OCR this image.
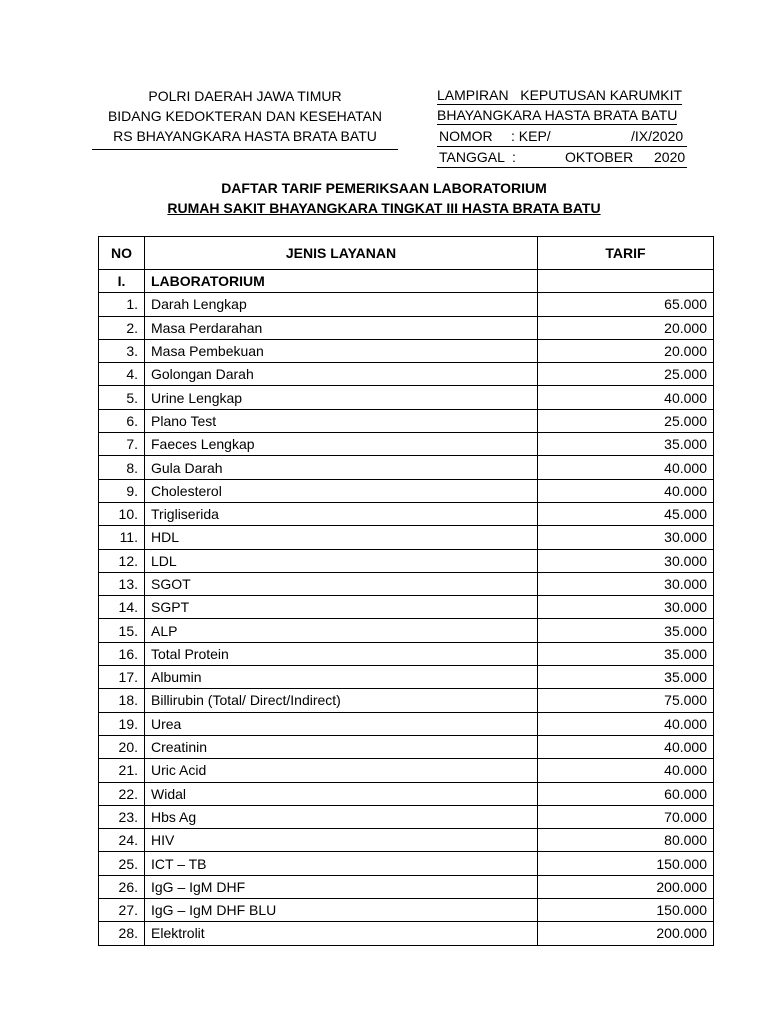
POLRI DAERAH JAWA TIMUR
BIDANG KEDOKTERAN DAN KESEHATAN
RS BHAYANGKARA HASTA BRATA BATU
LAMPIRAN   KEPUTUSAN KARUMKIT
BHAYANGKARA HASTA BRATA BATU
NOMOR : KEP/	/IX/2020
TANGGAL :	OKTOBER 2020
DAFTAR TARIF PEMERIKSAAN LABORATORIUM
RUMAH SAKIT BHAYANGKARA TINGKAT III HASTA BRATA BATU
NO	JENIS LAYANAN	TARIF
I.	LABORATORIUM	
1.	Darah Lengkap	65.000
2.	Masa Perdarahan	20.000
3.	Masa Pembekuan	20.000
4.	Golongan Darah	25.000
5.	Urine Lengkap	40.000
6.	Plano Test	25.000
7.	Faeces Lengkap	35.000
8.	Gula Darah	40.000
9.	Cholesterol	40.000
10.	Trigliserida	45.000
11.	HDL	30.000
12.	LDL	30.000
13.	SGOT	30.000
14.	SGPT	30.000
15.	ALP	35.000
16.	Total Protein	35.000
17.	Albumin	35.000
18.	Billirubin (Total/ Direct/Indirect)	75.000
19.	Urea	40.000
20.	Creatinin	40.000
21.	Uric Acid	40.000
22.	Widal	60.000
23.	Hbs Ag	70.000
24.	HIV	80.000
25.	ICT – TB	150.000
26.	IgG – IgM DHF	200.000
27.	IgG – IgM DHF BLU	150.000
28.	Elektrolit	200.000
